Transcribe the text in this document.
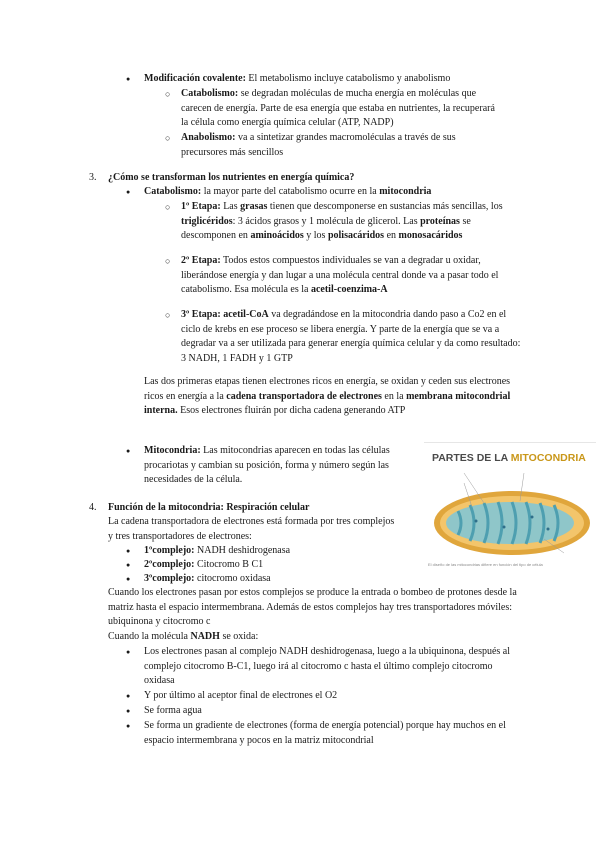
● Modificación covalente: El metabolismo incluye catabolismo y anabolismo

○ Catabolismo: se degradan moléculas de mucha energía en moléculas que carecen de energía. Parte de esa energía que estaba en nutrientes, la recuperará la célula como energía química celular (ATP, NADP)

○ Anabolismo: va a sintetizar grandes macromoléculas a través de sus precursores más sencillos

3. ¿Cómo se transforman los nutrientes en energía química?

● Catabolismo: la mayor parte del catabolismo ocurre en la mitocondria

○ 1º Etapa: Las grasas tienen que descomponerse en sustancias más sencillas, los triglicéridos: 3 ácidos grasos y 1 molécula de glicerol. Las proteínas se descomponen en aminoácidos y los polisacáridos en monosacáridos

○ 2º Etapa: Todos estos compuestos individuales se van a degradar u oxidar, liberándose energía y dan lugar a una molécula central donde va a pasar todo el catabolismo. Esa molécula es la acetil-coenzima-A

○ 3º Etapa: acetil-CoA va degradándose en la mitocondria dando paso a Co2 en el ciclo de krebs en ese proceso se libera energía. Y parte de la energía que se va a degradar va a ser utilizada para generar energía química celular y da como resultado: 3 NADH, 1 FADH y 1 GTP

Las dos primeras etapas tienen electrones ricos en energía, se oxidan y ceden sus electrones ricos en energía a la cadena transportadora de electrones en la membrana mitocondrial interna. Esos electrones fluirán por dicha cadena generando ATP

● Mitocondria: Las mitocondrias aparecen en todas las células procariotas y cambian su posición, forma y número según las necesidades de la célula.

PARTES DE LA MITOCONDRIA
El diseño de las mitocondrias difiere en función del tipo de célula
4. Función de la mitocondria: Respiración celular

La cadena transportadora de electrones está formada por tres complejos y tres transportadores de electrones:

● 1ºcomplejo: NADH deshidrogenasa

● 2ºcomplejo: Citocromo B C1

● 3ºcomplejo: citocromo oxidasa

Cuando los electrones pasan por estos complejos se produce la entrada o bombeo de protones desde la matriz hasta el espacio intermembrana. Además de estos complejos hay tres transportadores móviles: ubiquinona y citocromo c

Cuando la molécula NADH se oxida:

● Los electrones pasan al complejo NADH deshidrogenasa, luego a la ubiquinona, después al complejo citocromo B-C1, luego irá al citocromo c hasta el último complejo citocromo oxidasa

● Y por último al aceptor final de electrones el O2

● Se forma agua

● Se forma un gradiente de electrones (forma de energía potencial) porque hay muchos en el espacio intermembrana y pocos en la matriz mitocondrial
